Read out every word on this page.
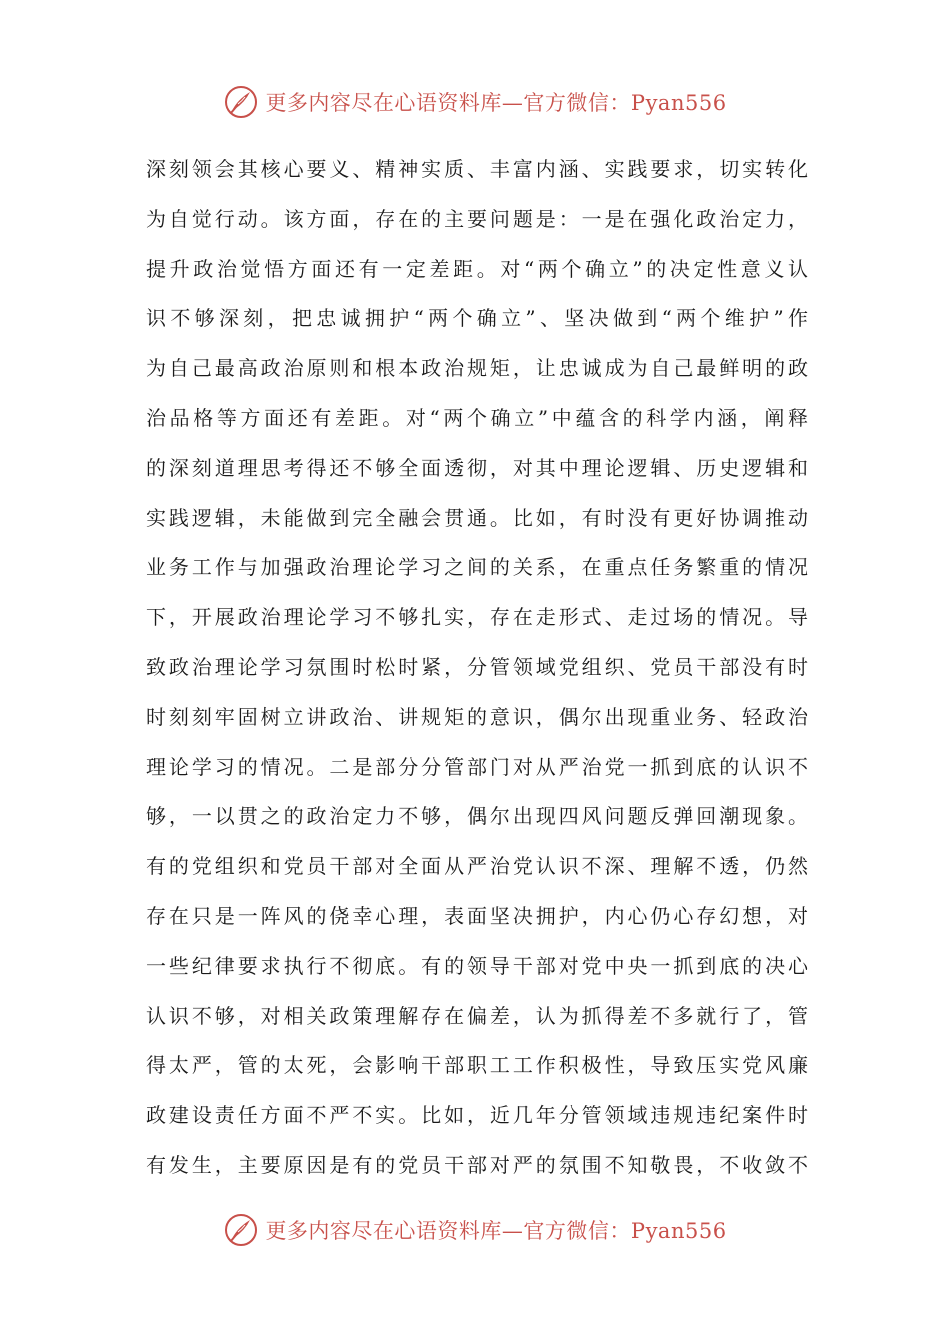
更多内容尽在心语资料库—官方微信：Pyan556
深刻领会其核心要义、精神实质、丰富内涵、实践要求，切实转化
为自觉行动。该方面，存在的主要问题是：一是在强化政治定力，
提升政治觉悟方面还有一定差距。对“两个确立”的决定性意义认
识不够深刻，把忠诚拥护“两个确立”、坚决做到“两个维护”作
为自己最高政治原则和根本政治规矩，让忠诚成为自己最鲜明的政
治品格等方面还有差距。对“两个确立”中蕴含的科学内涵，阐释
的深刻道理思考得还不够全面透彻，对其中理论逻辑、历史逻辑和
实践逻辑，未能做到完全融会贯通。比如，有时没有更好协调推动
业务工作与加强政治理论学习之间的关系，在重点任务繁重的情况
下，开展政治理论学习不够扎实，存在走形式、走过场的情况。导
致政治理论学习氛围时松时紧，分管领域党组织、党员干部没有时
时刻刻牢固树立讲政治、讲规矩的意识，偶尔出现重业务、轻政治
理论学习的情况。二是部分分管部门对从严治党一抓到底的认识不
够，一以贯之的政治定力不够，偶尔出现四风问题反弹回潮现象。
有的党组织和党员干部对全面从严治党认识不深、理解不透，仍然
存在只是一阵风的侥幸心理，表面坚决拥护，内心仍心存幻想，对
一些纪律要求执行不彻底。有的领导干部对党中央一抓到底的决心
认识不够，对相关政策理解存在偏差，认为抓得差不多就行了，管
得太严，管的太死，会影响干部职工工作积极性，导致压实党风廉
政建设责任方面不严不实。比如，近几年分管领域违规违纪案件时
有发生，主要原因是有的党员干部对严的氛围不知敬畏，不收敛不
更多内容尽在心语资料库—官方微信：Pyan556
